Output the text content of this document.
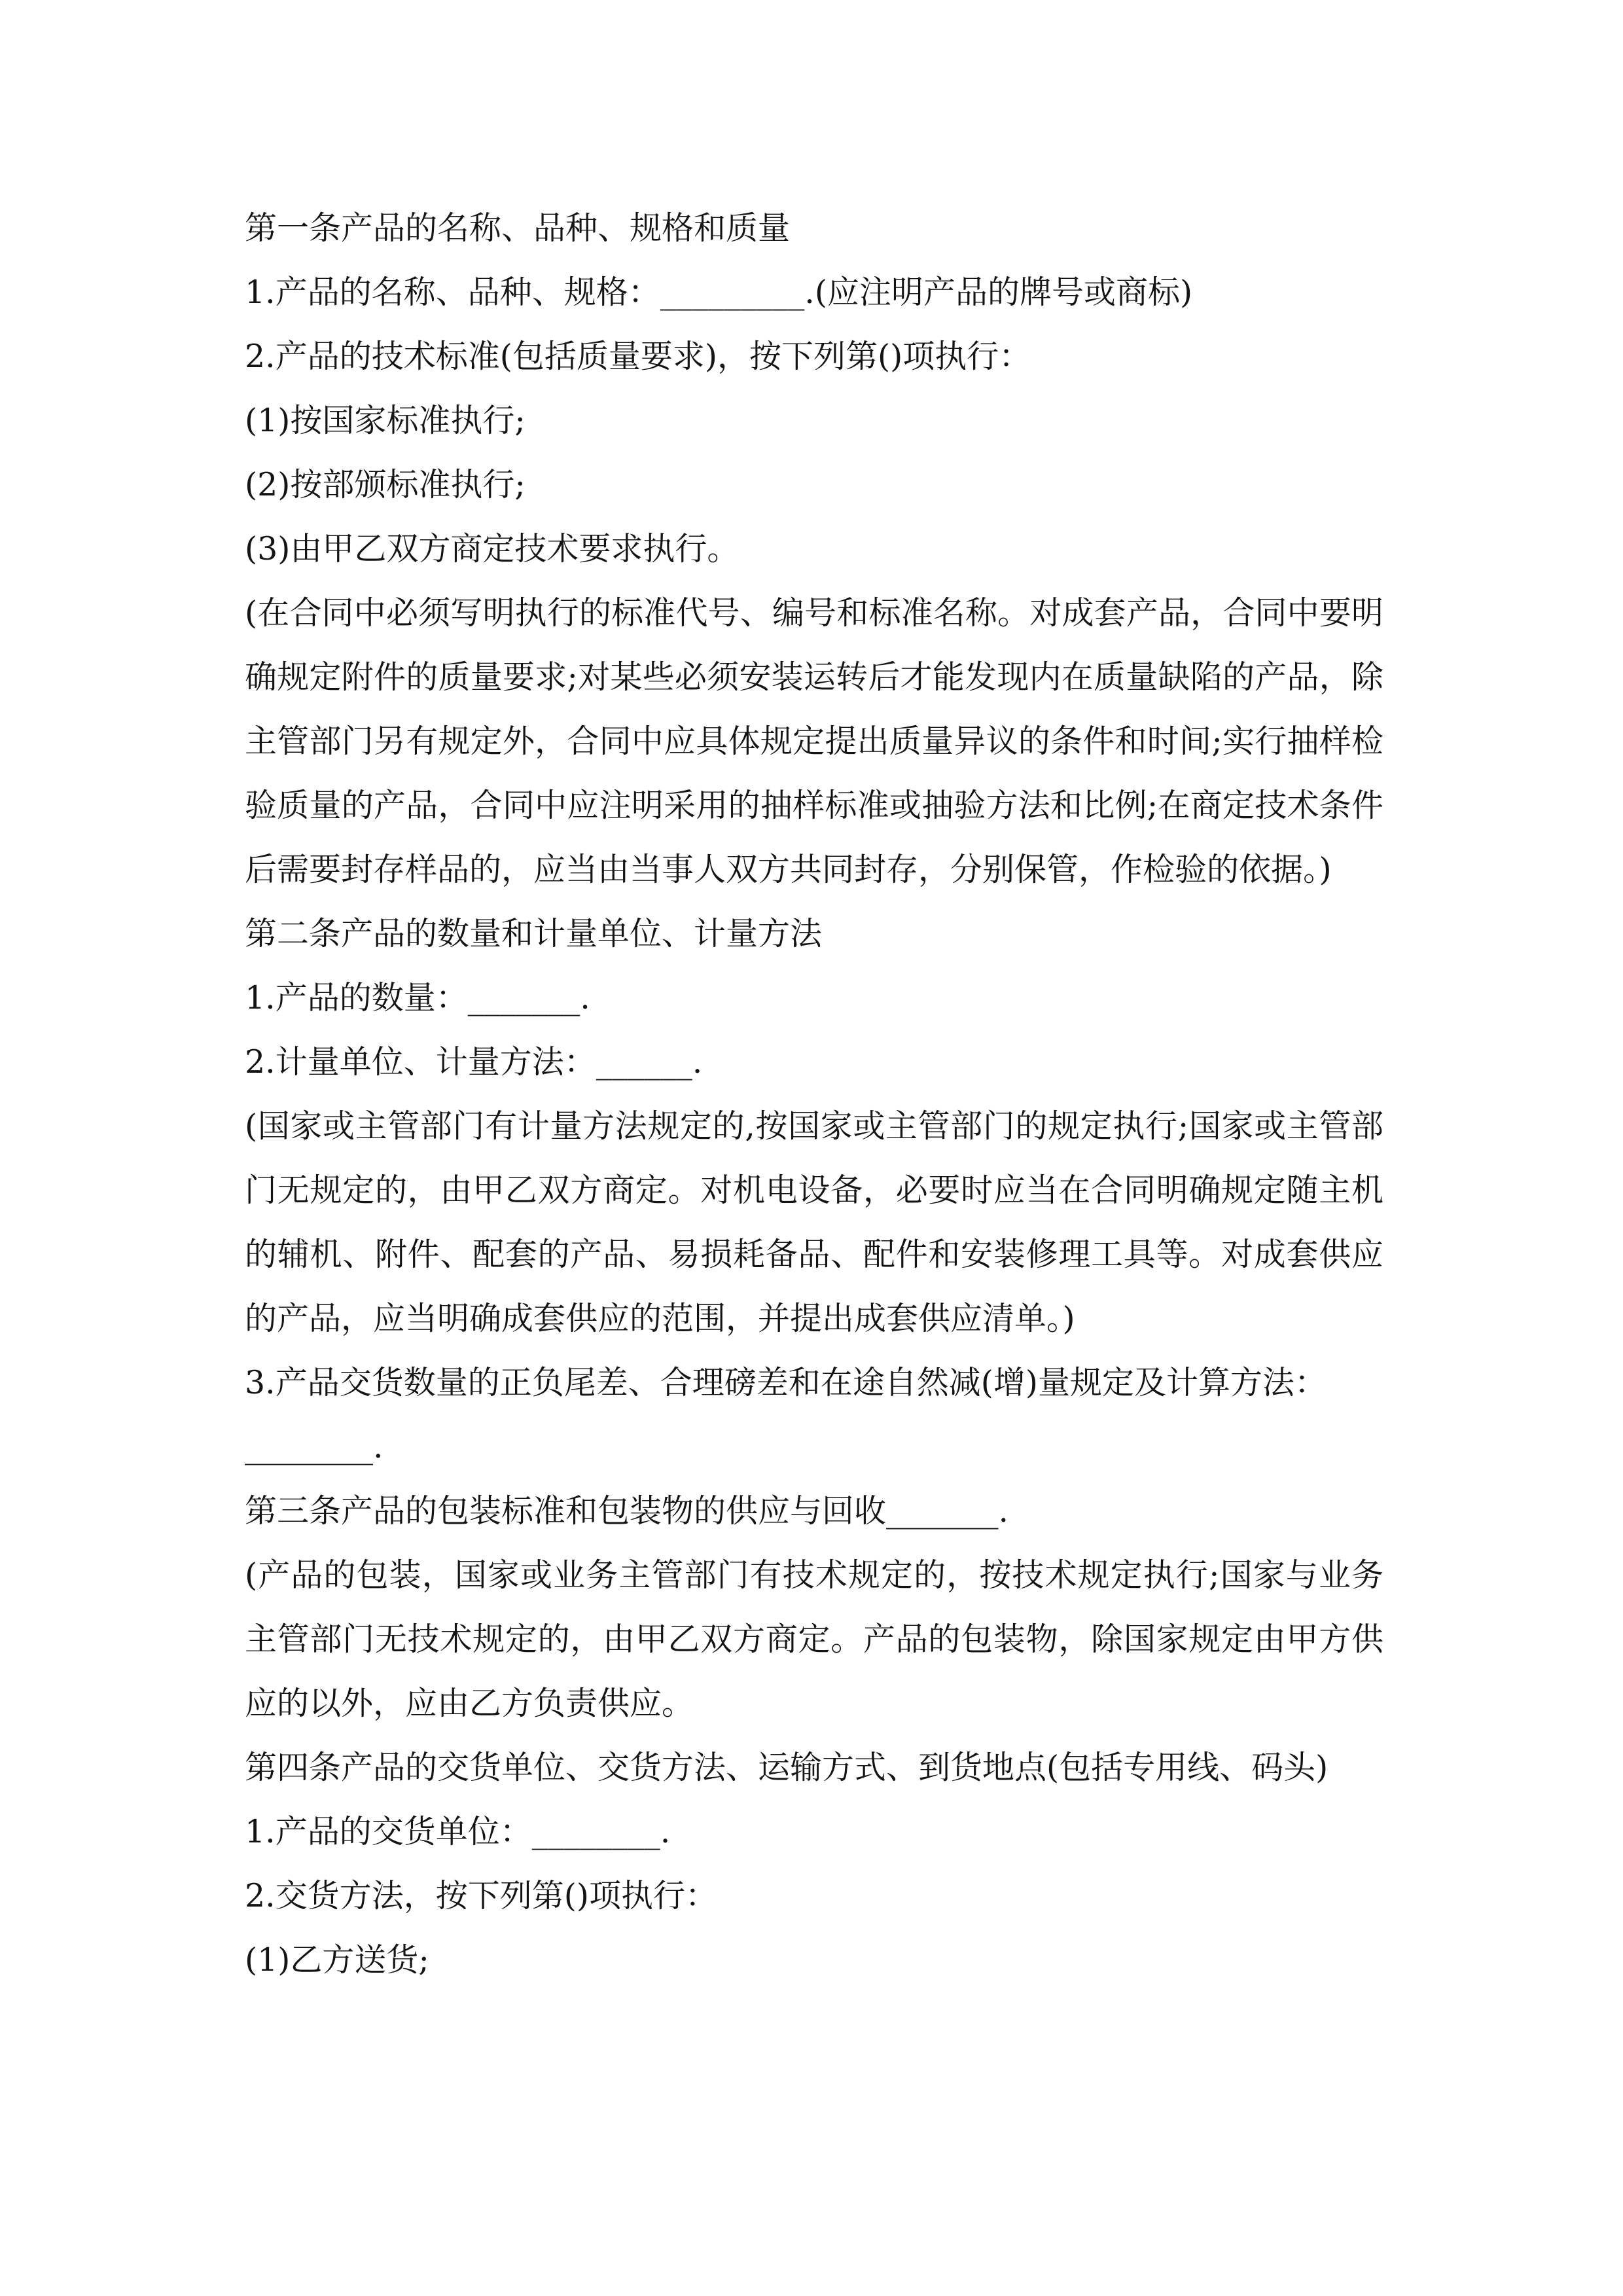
第一条产品的名称、品种、规格和质量
1.产品的名称、品种、规格：_________.(应注明产品的牌号或商标)
2.产品的技术标准(包括质量要求)，按下列第()项执行：
(1)按国家标准执行;
(2)按部颁标准执行;
(3)由甲乙双方商定技术要求执行。
(在合同中必须写明执行的标准代号、编号和标准名称。对成套产品，合同中要明确规定附件的质量要求;对某些必须安装运转后才能发现内在质量缺陷的产品，除主管部门另有规定外，合同中应具体规定提出质量异议的条件和时间;实行抽样检验质量的产品，合同中应注明采用的抽样标准或抽验方法和比例;在商定技术条件后需要封存样品的，应当由当事人双方共同封存，分别保管，作检验的依据。)
第二条产品的数量和计量单位、计量方法
1.产品的数量：_______.
2.计量单位、计量方法：______.
(国家或主管部门有计量方法规定的,按国家或主管部门的规定执行;国家或主管部门无规定的，由甲乙双方商定。对机电设备，必要时应当在合同明确规定随主机的辅机、附件、配套的产品、易损耗备品、配件和安装修理工具等。对成套供应的产品，应当明确成套供应的范围，并提出成套供应清单。)
3.产品交货数量的正负尾差、合理磅差和在途自然减(增)量规定及计算方法：
________.
第三条产品的包装标准和包装物的供应与回收_______.
(产品的包装，国家或业务主管部门有技术规定的，按技术规定执行;国家与业务主管部门无技术规定的，由甲乙双方商定。产品的包装物，除国家规定由甲方供应的以外，应由乙方负责供应。
第四条产品的交货单位、交货方法、运输方式、到货地点(包括专用线、码头)
1.产品的交货单位：________.
2.交货方法，按下列第()项执行：
(1)乙方送货;
